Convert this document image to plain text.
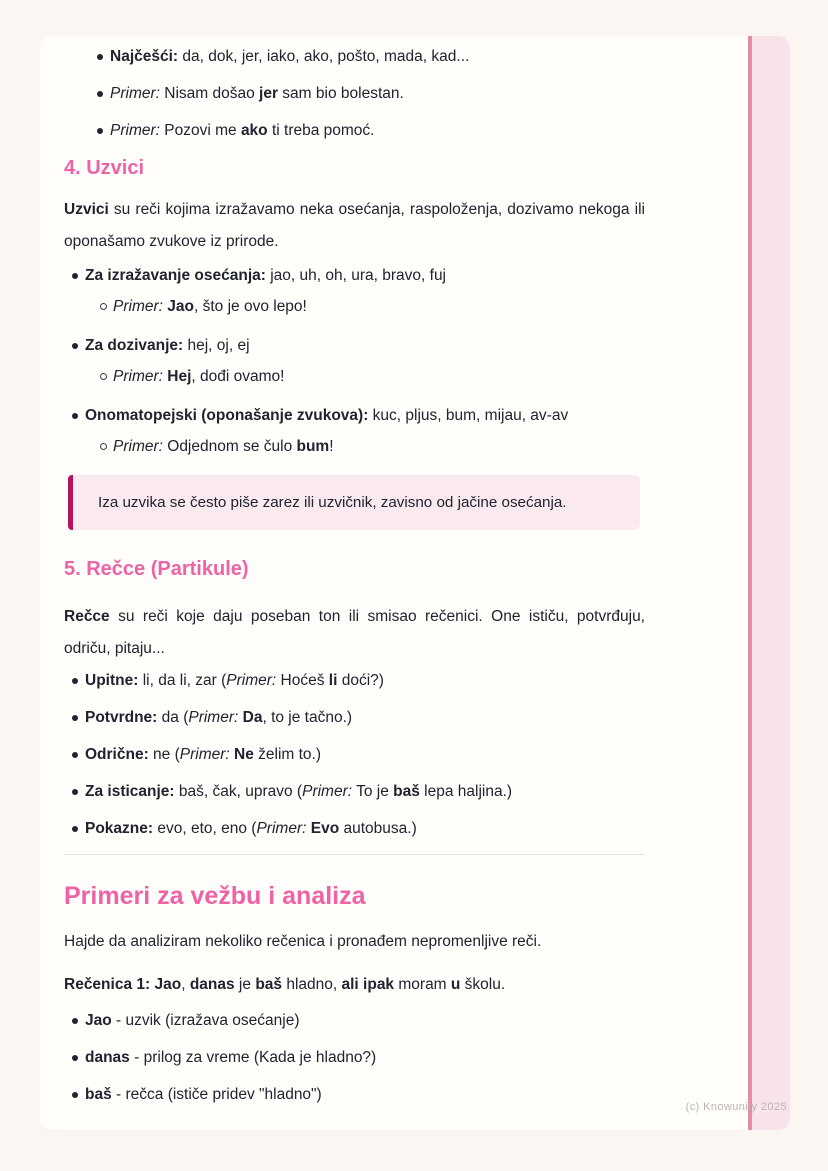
Najčešći: da, dok, jer, iako, ako, pošto, mada, kad...
Primer: Nisam došao jer sam bio bolestan.
Primer: Pozovi me ako ti treba pomoć.
4. Uzvici

Uzvici su reči kojima izražavamo neka osećanja, raspoloženja, dozivamo nekoga ili oponašamo zvukove iz prirode.

Za izražavanje osećanja: jao, uh, oh, ura, bravo, fuj
Primer: Jao, što je ovo lepo!
Za dozivanje: hej, oj, ej
Primer: Hej, dođi ovamo!
Onomatopejski (oponašanje zvukova): kuc, pljus, bum, mijau, av-av
Primer: Odjednom se čulo bum!

Iza uzvika se često piše zarez ili uzvičnik, zavisno od jačine osećanja.

5. Rečce (Partikule)

Rečce su reči koje daju poseban ton ili smisao rečenici. One ističu, potvrđuju, odriču, pitaju...

Upitne: li, da li, zar (Primer: Hoćeš li doći?)
Potvrdne: da (Primer: Da, to je tačno.)
Odrične: ne (Primer: Ne želim to.)
Za isticanje: baš, čak, upravo (Primer: To je baš lepa haljina.)
Pokazne: evo, eto, eno (Primer: Evo autobusa.)
Primeri za vežbu i analiza

Hajde da analiziram nekoliko rečenica i pronađem nepromenljive reči.

Rečenica 1: Jao, danas je baš hladno, ali ipak moram u školu.

Jao - uzvik (izražava osećanje)
danas - prilog za vreme (Kada je hladno?)
baš - rečca (ističe pridev "hladno")
(c) Knowunity 2025
